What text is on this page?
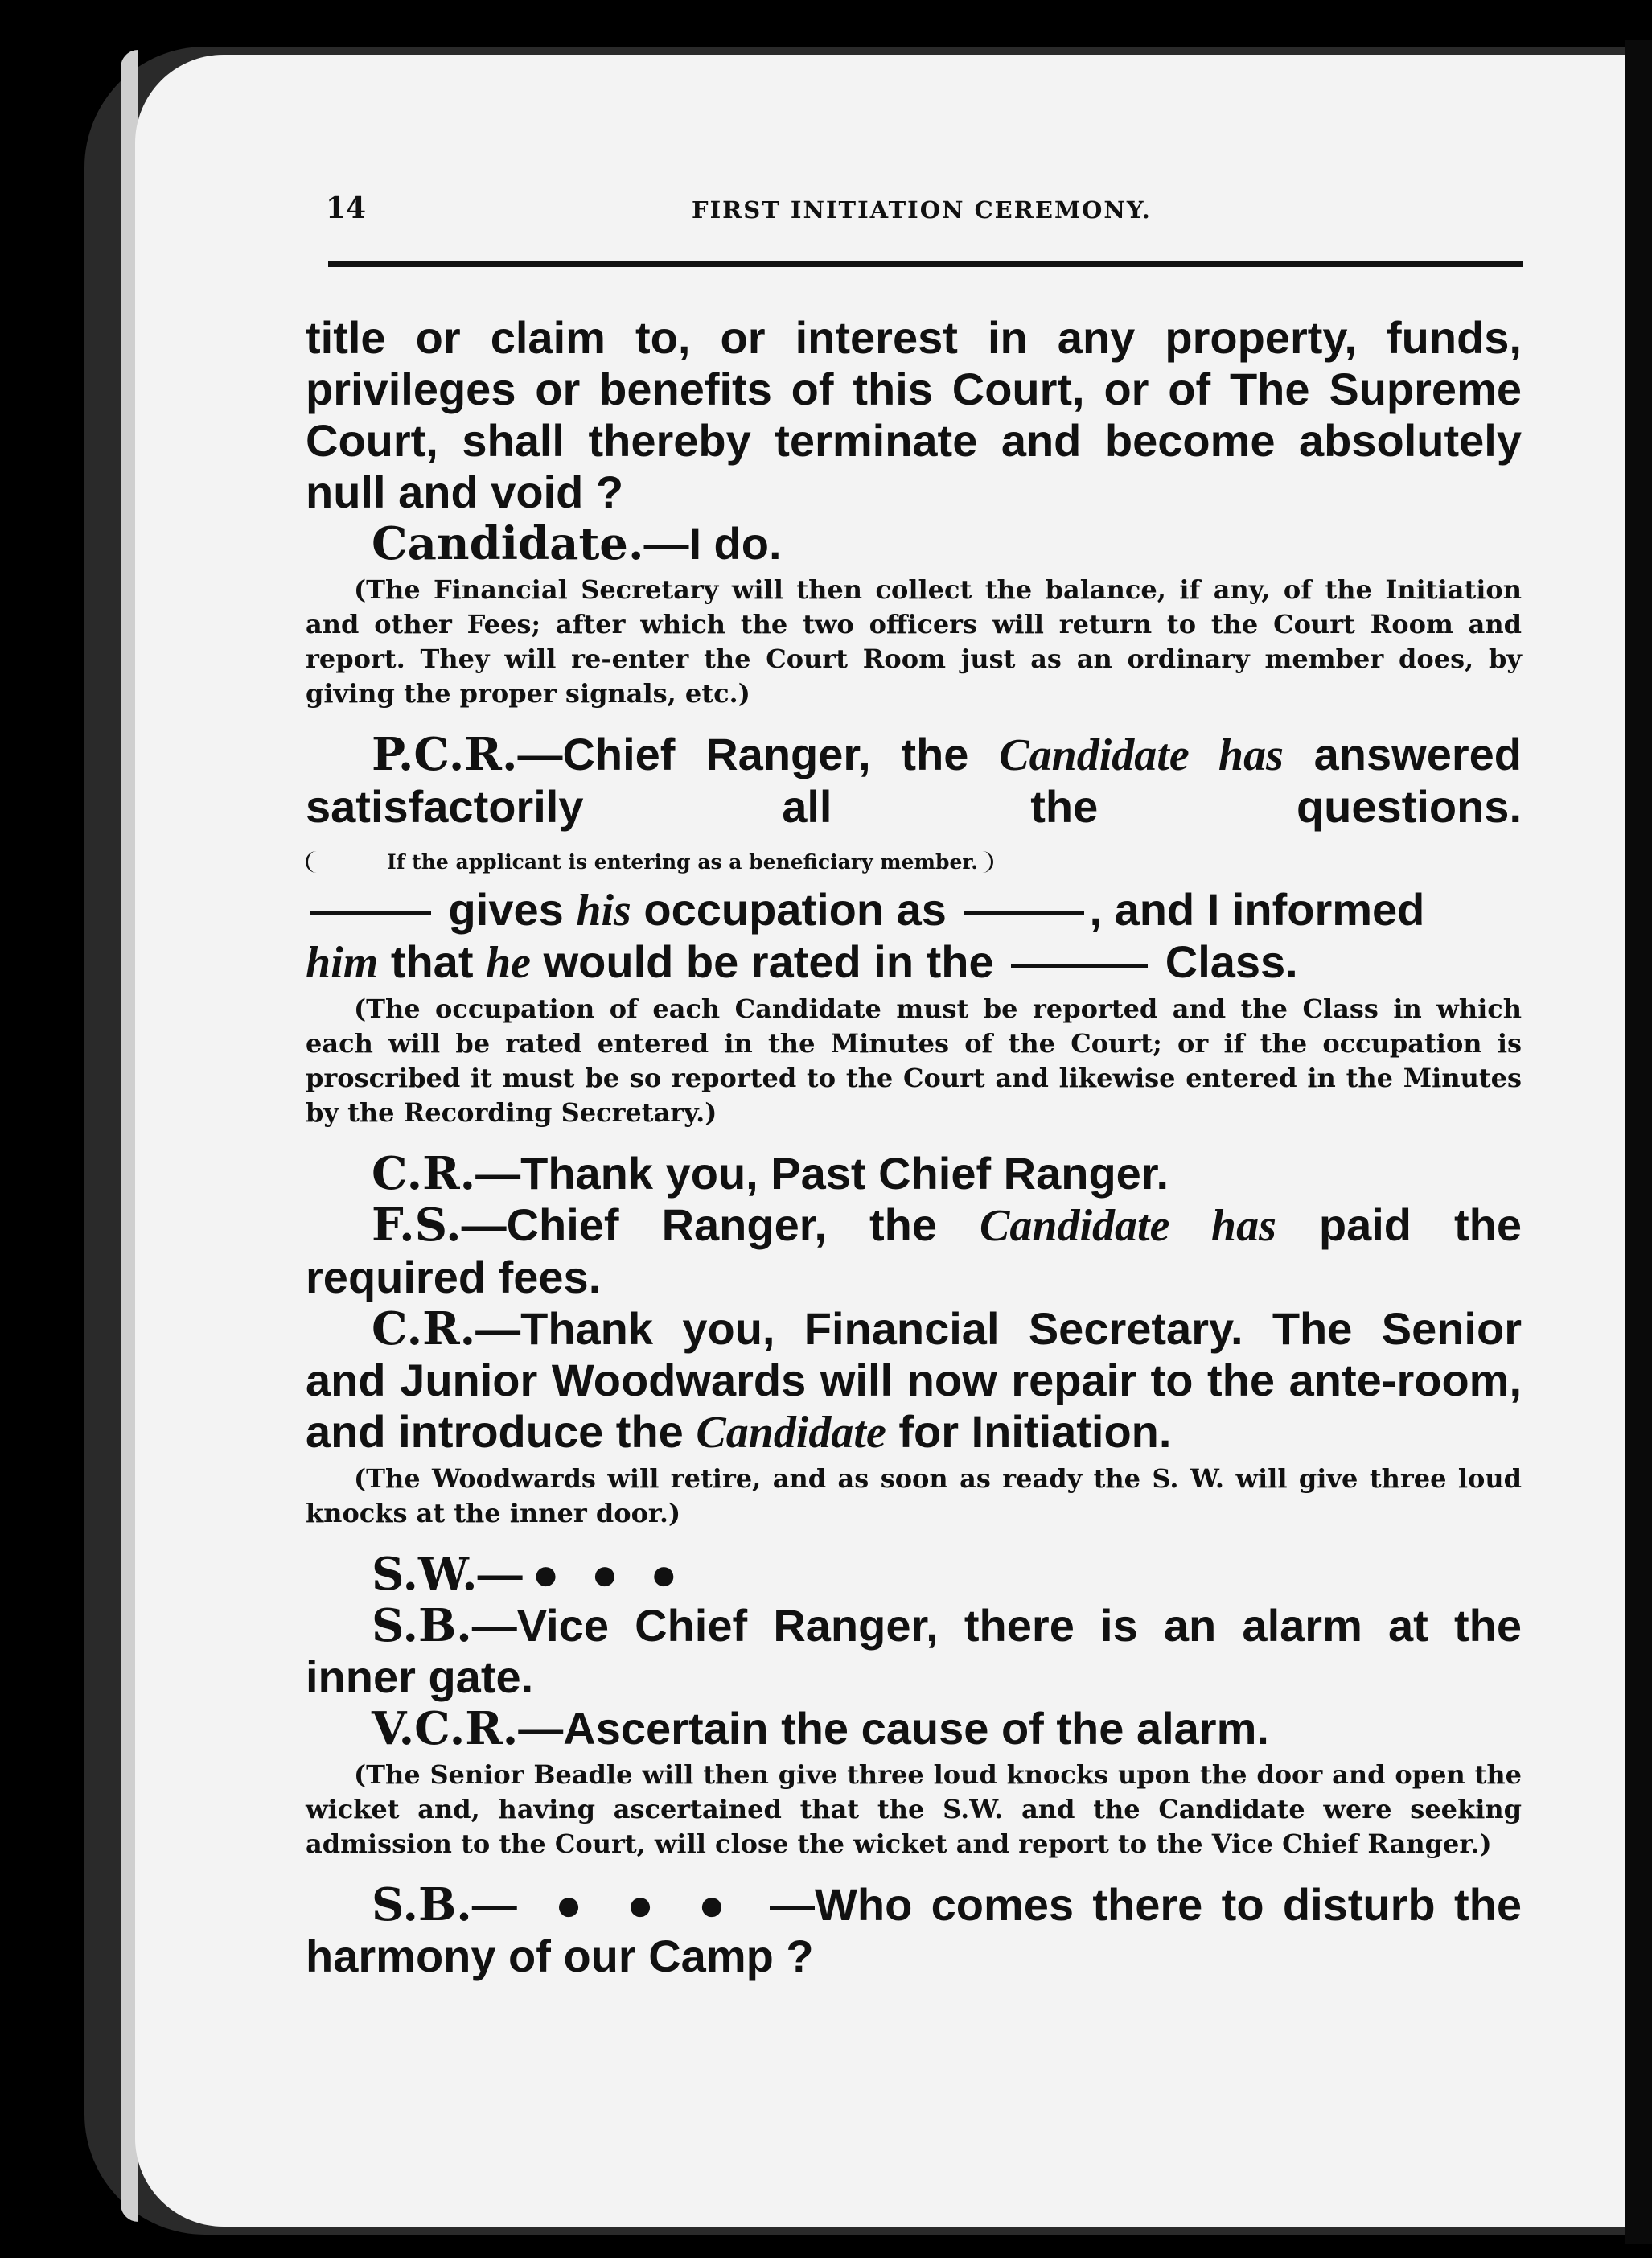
14	FIRST INITIATION CEREMONY.

title or claim to, or interest in any property, funds, privileges or benefits of this Court, or of The Supreme Court, shall thereby terminate and become absolutely null and void ?

Candidate.—I do.

(The Financial Secretary will then collect the balance, if any, of the Initiation and other Fees; after which the two officers will return to the Court Room and report. They will re-enter the Court Room just as an ordinary member does, by giving the proper signals, etc.)

P.C.R.—Chief Ranger, the Candidate has answered satisfactorily all the questions. If the applicant is entering as a beneficiary member.
gives his occupation as	, and I informed
him that he would be rated in the	Class.

(The occupation of each Candidate must be reported and the Class in which each will be rated entered in the Minutes of the Court; or if the occupation is proscribed it must be so reported to the Court and likewise entered in the Minutes by the Recording Secretary.)

C.R.—Thank you, Past Chief Ranger.

F.S.—Chief Ranger, the Candidate has paid the required fees.

C.R.—Thank you, Financial Secretary. The Senior and Junior Woodwards will now repair to the ante-room, and introduce the Candidate for Initiation.

(The Woodwards will retire, and as soon as ready the S. W. will give three loud knocks at the inner door.)

S.W.—● ● ●

S.B.—Vice Chief Ranger, there is an alarm at the inner gate.

V.C.R.—Ascertain the cause of the alarm.

(The Senior Beadle will then give three loud knocks upon the door and open the wicket and, having ascertained that the S.W. and the Candidate were seeking admission to the Court, will close the wicket and report to the Vice Chief Ranger.)

S.B.— ● ● ● —Who comes there to disturb the harmony of our Camp ?
